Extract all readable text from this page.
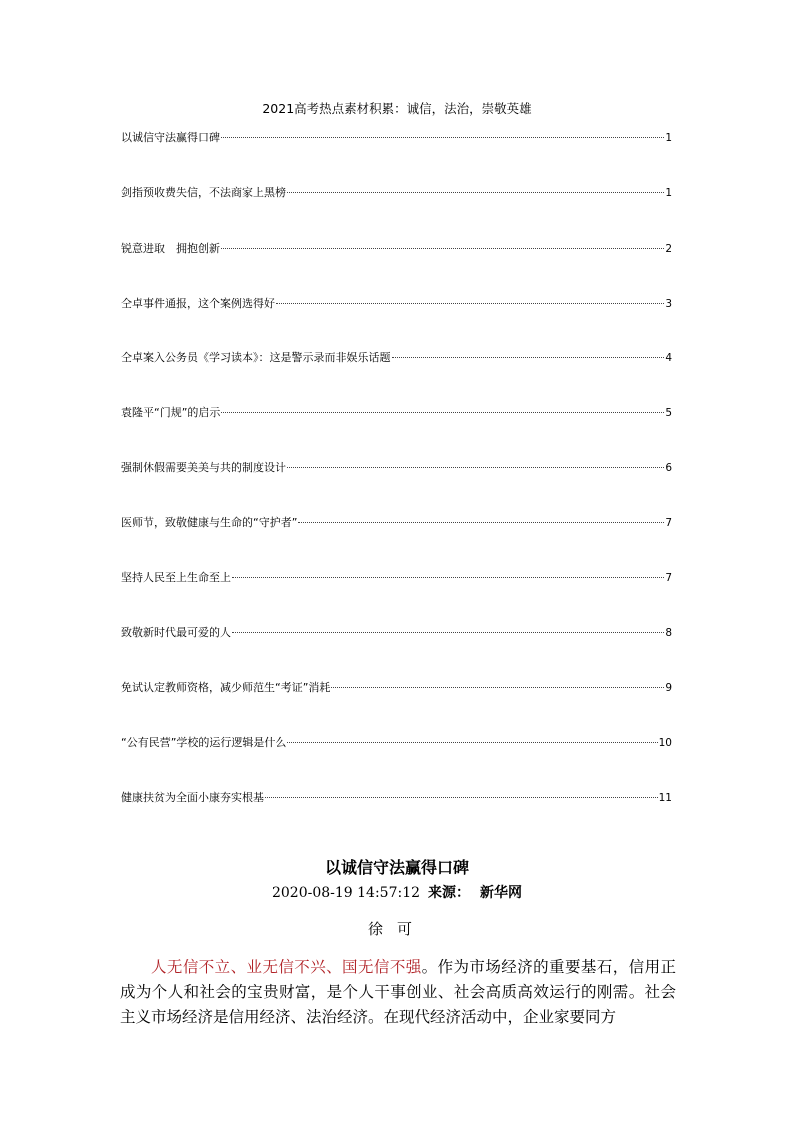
2021高考热点素材积累：诚信，法治，崇敬英雄
以诚信守法赢得口碑	1
剑指预收费失信，不法商家上黑榜	1
锐意进取　拥抱创新	2
仝卓事件通报，这个案例选得好	3
仝卓案入公务员《学习读本》：这是警示录而非娱乐话题	4
袁隆平“门规”的启示	5
强制休假需要美美与共的制度设计	6
医师节，致敬健康与生命的“守护者”	7
坚持人民至上生命至上	7
致敬新时代最可爱的人	8
免试认定教师资格，减少师范生“考证”消耗	9
“公有民营”学校的运行逻辑是什么	10
健康扶贫为全面小康夯实根基	11
以诚信守法赢得口碑
2020-08-19 14:57:12 来源： 新华网
徐可
人无信不立、业无信不兴、国无信不强。作为市场经济的重要基石，信用正成为个人和社会的宝贵财富，是个人干事创业、社会高质高效运行的刚需。社会主义市场经济是信用经济、法治经济。在现代经济活动中，企业家要同方
